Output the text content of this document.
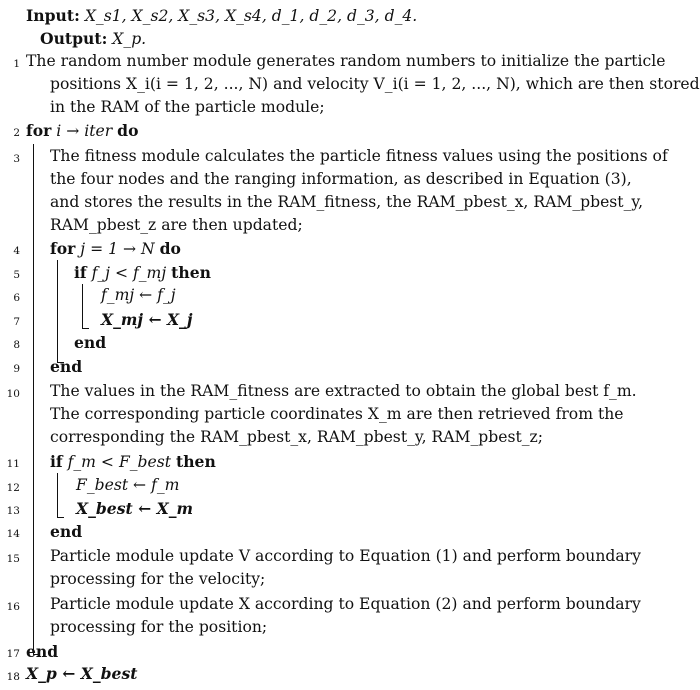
Input: X_s1, X_s2, X_s3, X_s4, d_1, d_2, d_3, d_4.
Output: X_p.
1 The random number module generates random numbers to initialize the particle
positions X_i(i = 1, 2, ..., N) and velocity V_i(i = 1, 2, ..., N), which are then stored
in the RAM of the particle module;
2 for i → iter do
3 The fitness module calculates the particle fitness values using the positions of
the four nodes and the ranging information, as described in Equation (3),
and stores the results in the RAM_fitness, the RAM_pbest_x, RAM_pbest_y,
RAM_pbest_z are then updated;
4 for j = 1 → N do
5	if f_j < f_mj then
6	f_mj ← f_j
7	X_mj ← X_j
8	end
9 end
10 The values in the RAM_fitness are extracted to obtain the global best f_m.
The corresponding particle coordinates X_m are then retrieved from the
corresponding the RAM_pbest_x, RAM_pbest_y, RAM_pbest_z;
11 if f_m < F_best then
12	F_best ← f_m
13	X_best ← X_m
14 end
15 Particle module update V according to Equation (1) and perform boundary
processing for the velocity;
16 Particle module update X according to Equation (2) and perform boundary
processing for the position;
17 end
18 X_p ← X_best
